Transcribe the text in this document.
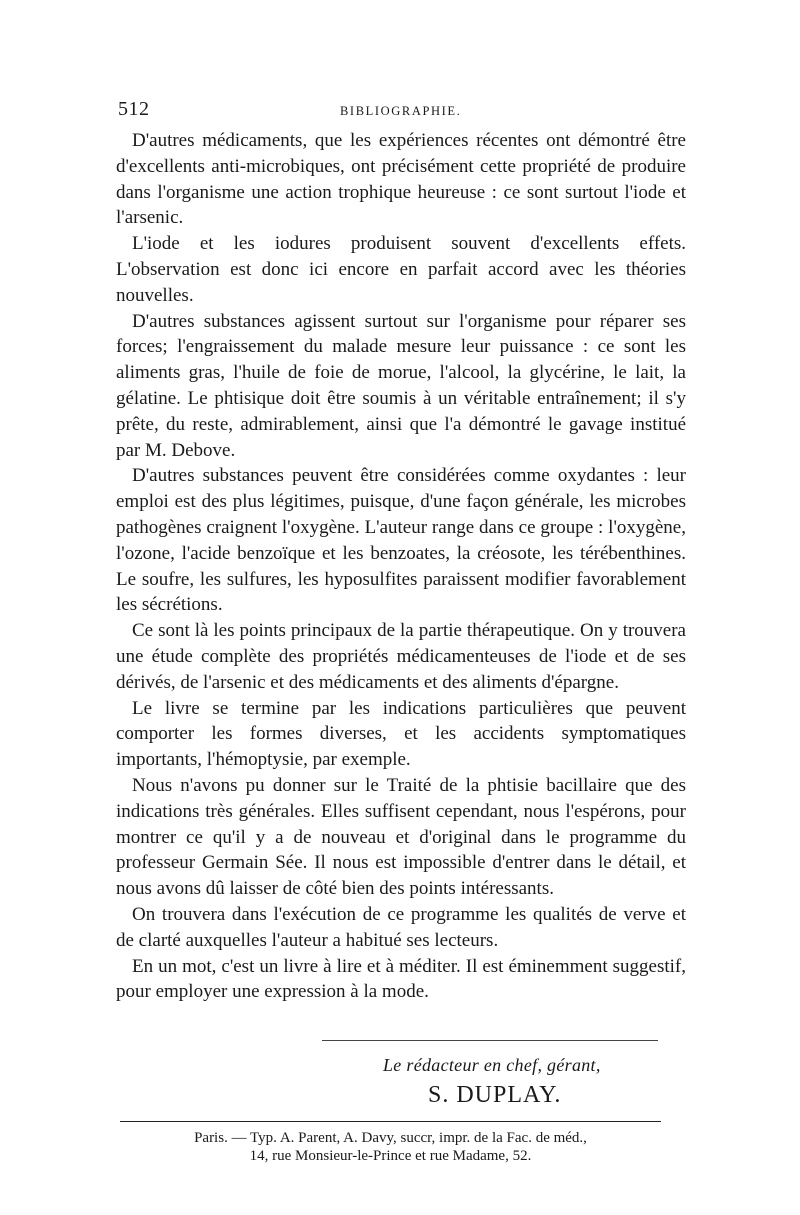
512	BIBLIOGRAPHIE.

D'autres médicaments, que les expériences récentes ont démontré être d'excellents anti-microbiques, ont précisément cette propriété de produire dans l'organisme une action trophique heureuse : ce sont surtout l'iode et l'arsenic.

L'iode et les iodures produisent souvent d'excellents effets. L'observation est donc ici encore en parfait accord avec les théories nouvelles.

D'autres substances agissent surtout sur l'organisme pour réparer ses forces; l'engraissement du malade mesure leur puissance : ce sont les aliments gras, l'huile de foie de morue, l'alcool, la glycérine, le lait, la gélatine. Le phtisique doit être soumis à un véritable entraînement; il s'y prête, du reste, admirablement, ainsi que l'a démontré le gavage institué par M. Debove.

D'autres substances peuvent être considérées comme oxydantes : leur emploi est des plus légitimes, puisque, d'une façon générale, les microbes pathogènes craignent l'oxygène. L'auteur range dans ce groupe : l'oxygène, l'ozone, l'acide benzoïque et les benzoates, la créosote, les térébenthines. Le soufre, les sulfures, les hyposulfites paraissent modifier favorablement les sécrétions.

Ce sont là les points principaux de la partie thérapeutique. On y trouvera une étude complète des propriétés médicamenteuses de l'iode et de ses dérivés, de l'arsenic et des médicaments et des aliments d'épargne.

Le livre se termine par les indications particulières que peuvent comporter les formes diverses, et les accidents symptomatiques importants, l'hémoptysie, par exemple.

Nous n'avons pu donner sur le Traité de la phtisie bacillaire que des indications très générales. Elles suffisent cependant, nous l'espérons, pour montrer ce qu'il y a de nouveau et d'original dans le programme du professeur Germain Sée. Il nous est impossible d'entrer dans le détail, et nous avons dû laisser de côté bien des points intéressants.

On trouvera dans l'exécution de ce programme les qualités de verve et de clarté auxquelles l'auteur a habitué ses lecteurs.

En un mot, c'est un livre à lire et à méditer. Il est éminemment suggestif, pour employer une expression à la mode.

Le rédacteur en chef, gérant,
S. DUPLAY.
Paris. — Typ. A. Parent, A. Davy, succr, impr. de la Fac. de méd.,
14, rue Monsieur-le-Prince et rue Madame, 52.
